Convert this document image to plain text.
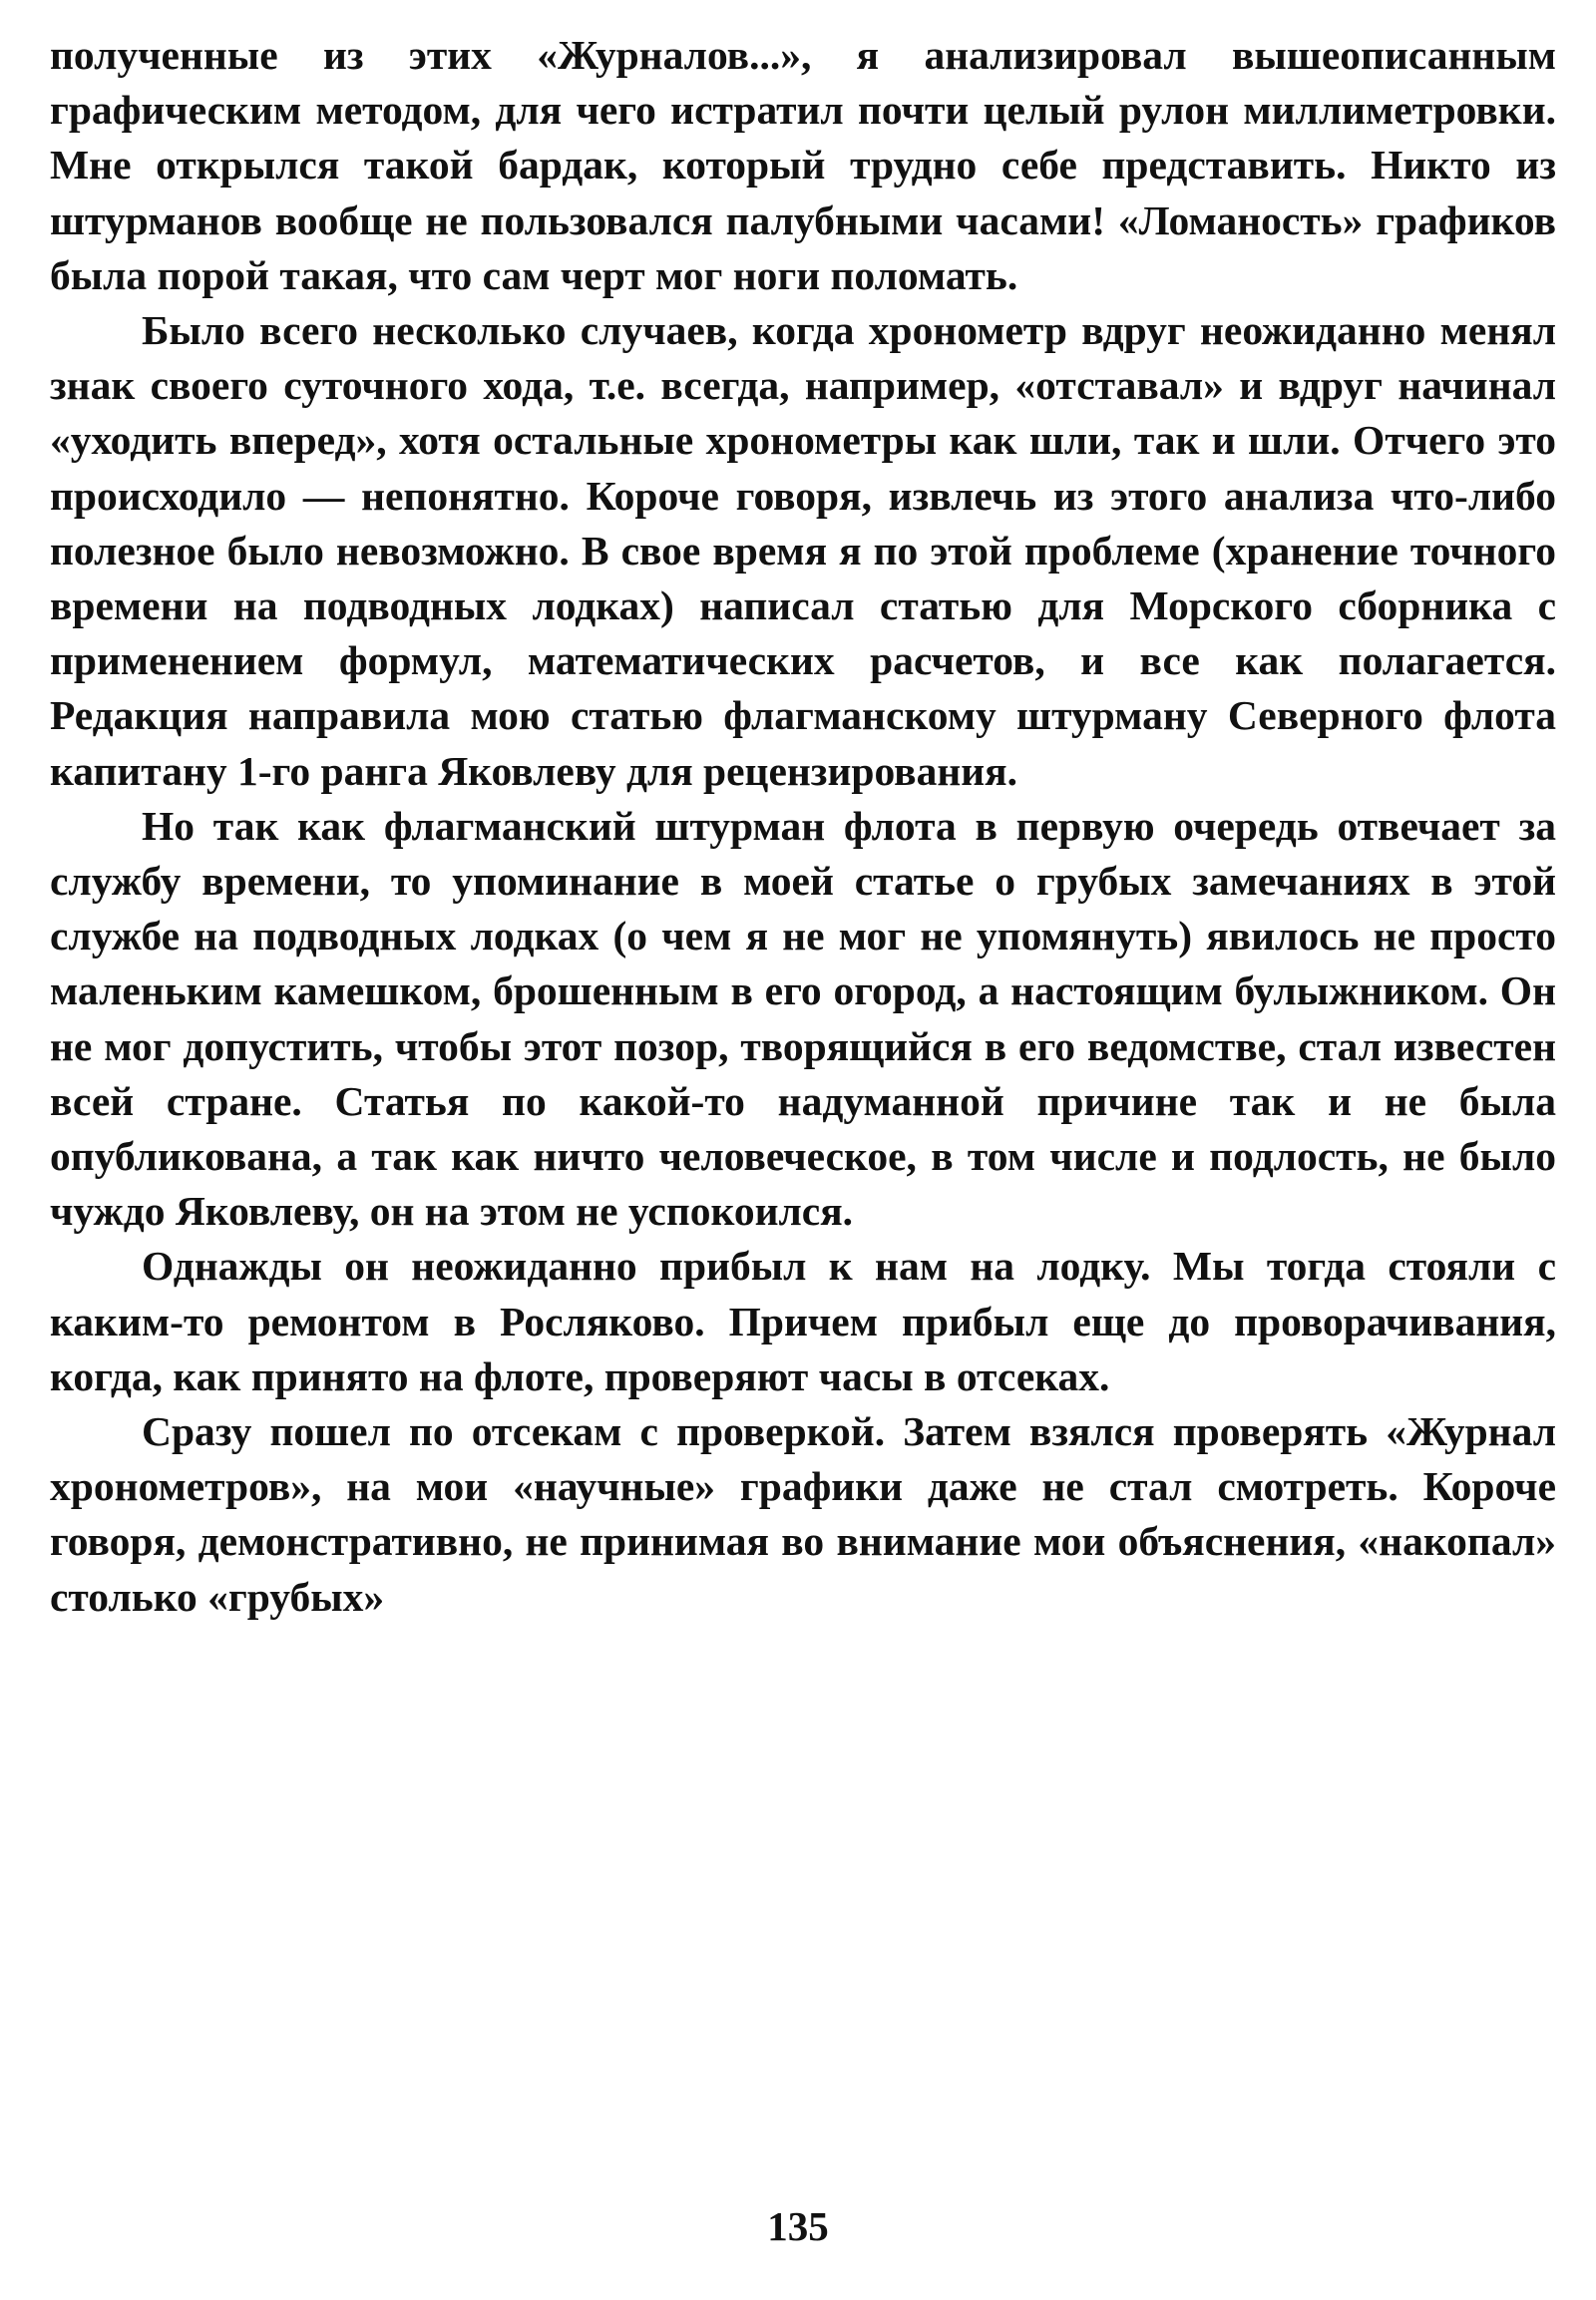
полученные из этих «Журналов...», я анализировал вышеописанным графическим методом, для чего истратил почти целый рулон миллиметровки. Мне открылся такой бардак, который трудно себе представить. Никто из штурманов вообще не пользовался палубными часами! «Ломаность» графиков была порой такая, что сам черт мог ноги поломать.

Было всего несколько случаев, когда хронометр вдруг неожиданно менял знак своего суточного хода, т.е. всегда, например, «отставал» и вдруг начинал «уходить вперед», хотя остальные хронометры как шли, так и шли. Отчего это происходило — непонятно. Короче говоря, извлечь из этого анализа что-либо полезное было невозможно. В свое время я по этой проблеме (хранение точного времени на подводных лодках) написал статью для Морского сборника с применением формул, математических расчетов, и все как полагается. Редакция направила мою статью флагманскому штурману Северного флота капитану 1-го ранга Яковлеву для рецензирования.

Но так как флагманский штурман флота в первую очередь отвечает за службу времени, то упоминание в моей статье о грубых замечаниях в этой службе на подводных лодках (о чем я не мог не упомянуть) явилось не просто маленьким камешком, брошенным в его огород, а настоящим булыжником. Он не мог допустить, чтобы этот позор, творящийся в его ведомстве, стал известен всей стране. Статья по какой-то надуманной причине так и не была опубликована, а так как ничто человеческое, в том числе и подлость, не было чуждо Яковлеву, он на этом не успокоился.

Однажды он неожиданно прибыл к нам на лодку. Мы тогда стояли с каким-то ремонтом в Росляково. Причем прибыл еще до проворачивания, когда, как принято на флоте, проверяют часы в отсеках.

Сразу пошел по отсекам с проверкой. Затем взялся проверять «Журнал хронометров», на мои «научные» графики даже не стал смотреть. Короче говоря, демонстративно, не принимая во внимание мои объяснения, «накопал» столько «грубых»

135
